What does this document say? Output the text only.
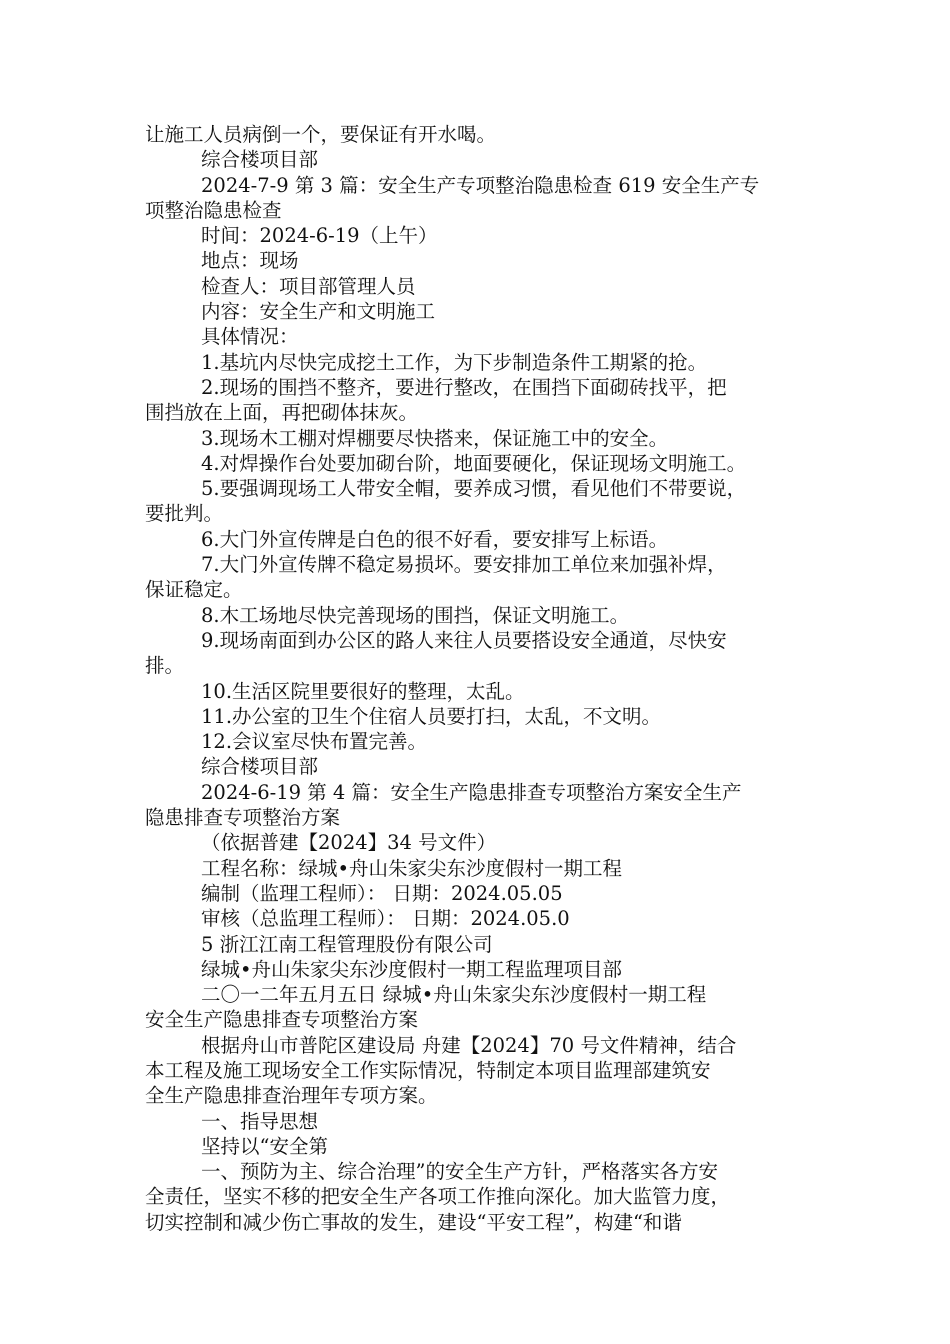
让施工人员病倒一个，要保证有开水喝。
综合楼项目部
2024-7-9 第 3 篇：安全生产专项整治隐患检查 619 安全生产专
项整治隐患检查
时间：2024-6-19（上午）
地点：现场
检查人：项目部管理人员
内容：安全生产和文明施工
具体情况：
1.基坑内尽快完成挖土工作，为下步制造条件工期紧的抢。
2.现场的围挡不整齐，要进行整改，在围挡下面砌砖找平，把
围挡放在上面，再把砌体抹灰。
3.现场木工棚对焊棚要尽快搭来，保证施工中的安全。
4.对焊操作台处要加砌台阶，地面要硬化，保证现场文明施工。
5.要强调现场工人带安全帽，要养成习惯，看见他们不带要说，
要批判。
6.大门外宣传牌是白色的很不好看，要安排写上标语。
7.大门外宣传牌不稳定易损坏。要安排加工单位来加强补焊，
保证稳定。
8.木工场地尽快完善现场的围挡，保证文明施工。
9.现场南面到办公区的路人来往人员要搭设安全通道，尽快安
排。
10.生活区院里要很好的整理，太乱。
11.办公室的卫生个住宿人员要打扫，太乱，不文明。
12.会议室尽快布置完善。
综合楼项目部
2024-6-19 第 4 篇：安全生产隐患排查专项整治方案安全生产
隐患排查专项整治方案
（依据普建【2024】34 号文件）
工程名称：绿城•舟山朱家尖东沙度假村一期工程
编制（监理工程师）： 日期：2024.05.05
审核（总监理工程师）： 日期：2024.05.0
5 浙江江南工程管理股份有限公司
绿城•舟山朱家尖东沙度假村一期工程监理项目部
二〇一二年五月五日 绿城•舟山朱家尖东沙度假村一期工程
安全生产隐患排查专项整治方案
根据舟山市普陀区建设局 舟建【2024】70 号文件精神，结合
本工程及施工现场安全工作实际情况，特制定本项目监理部建筑安
全生产隐患排查治理年专项方案。
一、指导思想
坚持以“安全第
一、预防为主、综合治理”的安全生产方针，严格落实各方安
全责任，坚实不移的把安全生产各项工作推向深化。加大监管力度，
切实控制和减少伤亡事故的发生，建设“平安工程”，构建“和谐
